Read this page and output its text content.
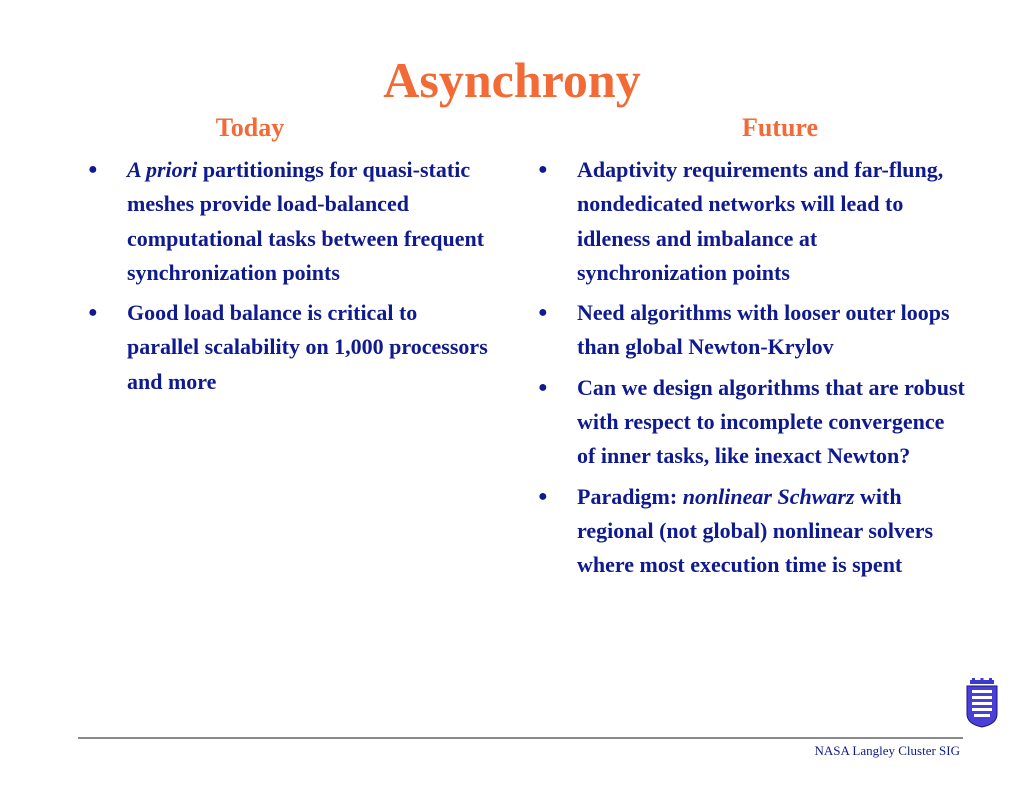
Asynchrony
Today	Future
● A priori partitionings for quasi-static meshes provide load-balanced computational tasks between frequent synchronization points
● Good load balance is critical to parallel scalability on 1,000 processors and more
● Adaptivity requirements and far-flung, nondedicated networks will lead to idleness and imbalance at synchronization points
● Need algorithms with looser outer loops than global Newton-Krylov
● Can we design algorithms that are robust with respect to incomplete convergence of inner tasks, like inexact Newton?
● Paradigm: nonlinear Schwarz with regional (not global) nonlinear solvers where most execution time is spent
NASA Langley Cluster SIG
